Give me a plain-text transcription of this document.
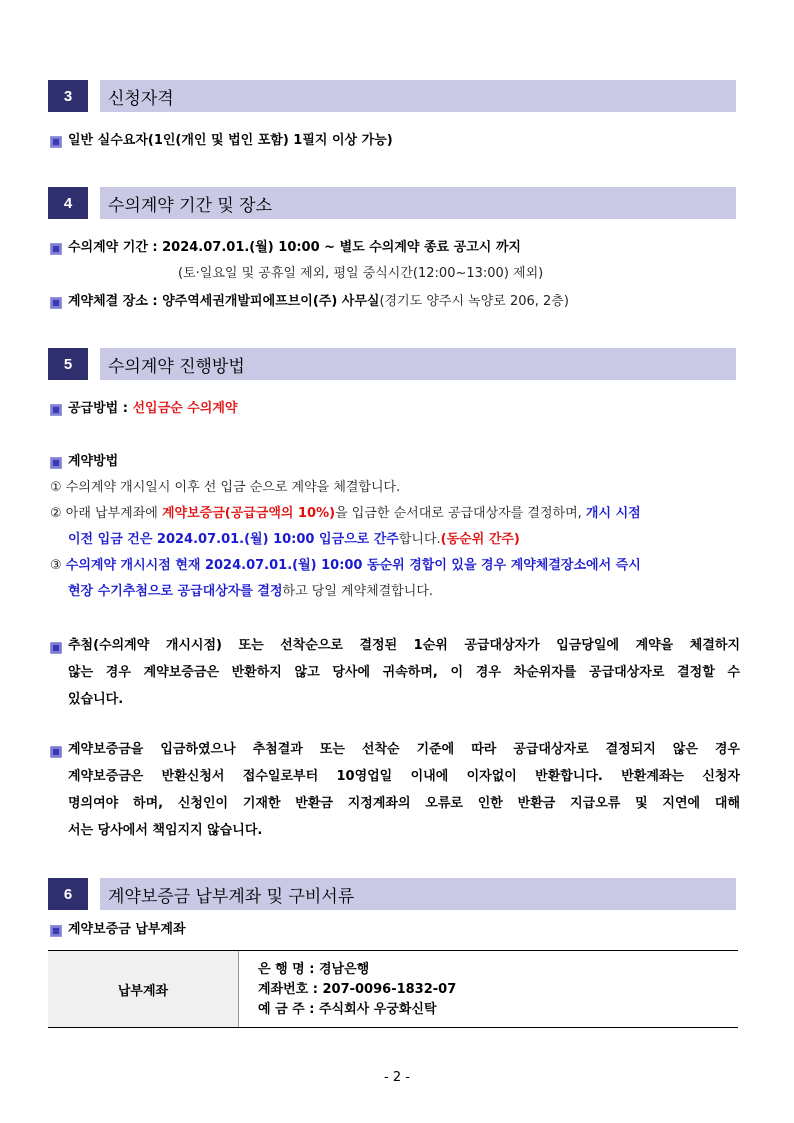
3	신청자격
일반 실수요자(1인(개인 및 법인 포함) 1필지 이상 가능)
4	수의계약 기간 및 장소
수의계약 기간 : 2024.07.01.(월) 10:00 ~ 별도 수의계약 종료 공고시 까지
(토·일요일 및 공휴일 제외, 평일 중식시간(12:00~13:00) 제외)
계약체결 장소 : 양주역세권개발피에프브이(주) 사무실(경기도 양주시 녹양로 206, 2층)
5	수의계약 진행방법
공급방법 : 선입금순 수의계약
계약방법
① 수의계약 개시일시 이후 선 입금 순으로 계약을 체결합니다.
② 아래 납부계좌에 계약보증금(공급금액의 10%)을 입금한 순서대로 공급대상자를 결정하며, 개시 시점
이전 입금 건은 2024.07.01.(월) 10:00 입금으로 간주합니다.(동순위 간주)
③ 수의계약 개시시점 현재 2024.07.01.(월) 10:00 동순위 경합이 있을 경우 계약체결장소에서 즉시
현장 수기추첨으로 공급대상자를 결정하고 당일 계약체결합니다.
추첨(수의계약 개시시점) 또는 선착순으로 결정된 1순위 공급대상자가 입금당일에 계약을 체결하지
않는 경우 계약보증금은 반환하지 않고 당사에 귀속하며, 이 경우 차순위자를 공급대상자로 결정할 수
있습니다.
계약보증금을 입금하였으나 추첨결과 또는 선착순 기준에 따라 공급대상자로 결정되지 않은 경우
계약보증금은 반환신청서 접수일로부터 10영업일 이내에 이자없이 반환합니다. 반환계좌는 신청자
명의여야 하며, 신청인이 기재한 반환금 지정계좌의 오류로 인한 반환금 지급오류 및 지연에 대해
서는 당사에서 책임지지 않습니다.
6	계약보증금 납부계좌 및 구비서류
계약보증금 납부계좌
납부계좌
은 행 명 : 경남은행
계좌번호 : 207-0096-1832-07
예 금 주 : 주식회사 우궁화신탁
- 2 -
